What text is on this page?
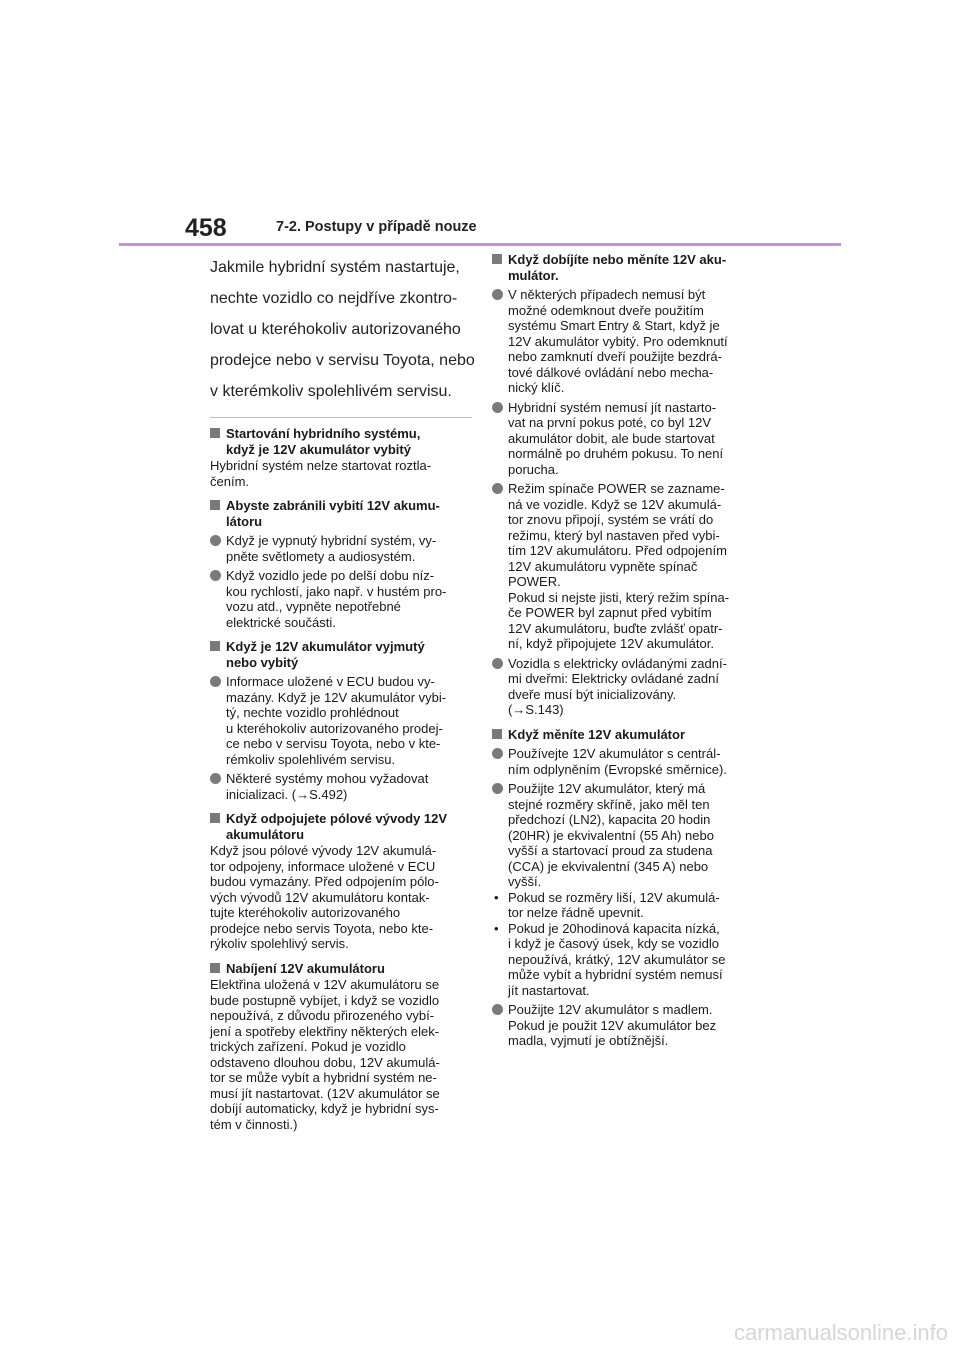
458	7-2. Postupy v případě nouze
Jakmile hybridní systém nastartuje,
nechte vozidlo co nejdříve zkontro-
lovat u kteréhokoliv autorizovaného
prodejce nebo v servisu Toyota, nebo
v kterémkoliv spolehlivém servisu.
Startování hybridního systému,
když je 12V akumulátor vybitý
Hybridní systém nelze startovat roztla-
čením.
Abyste zabránili vybití 12V akumu-
látoru
Když je vypnutý hybridní systém, vy-
pněte světlomety a audiosystém.
Když vozidlo jede po delší dobu níz-
kou rychlostí, jako např. v hustém pro-
vozu atd., vypněte nepotřebné
elektrické součásti.
Když je 12V akumulátor vyjmutý
nebo vybitý
Informace uložené v ECU budou vy-
mazány. Když je 12V akumulátor vybi-
tý, nechte vozidlo prohlédnout
u kteréhokoliv autorizovaného prodej-
ce nebo v servisu Toyota, nebo v kte-
rémkoliv spolehlivém servisu.
Některé systémy mohou vyžadovat
inicializaci. (→S.492)
Když odpojujete pólové vývody 12V
akumulátoru
Když jsou pólové vývody 12V akumulá-
tor odpojeny, informace uložené v ECU
budou vymazány. Před odpojením pólo-
vých vývodů 12V akumulátoru kontak-
tujte kteréhokoliv autorizovaného
prodejce nebo servis Toyota, nebo kte-
rýkoliv spolehlivý servis.
Nabíjení 12V akumulátoru
Elektřina uložená v 12V akumulátoru se
bude postupně vybíjet, i když se vozidlo
nepoužívá, z důvodu přirozeného vybí-
jení a spotřeby elektřiny některých elek-
trických zařízení. Pokud je vozidlo
odstaveno dlouhou dobu, 12V akumulá-
tor se může vybít a hybridní systém ne-
musí jít nastartovat. (12V akumulátor se
dobíjí automaticky, když je hybridní sys-
tém v činnosti.)
Když dobíjíte nebo měníte 12V aku-
mulátor.
V některých případech nemusí být
možné odemknout dveře použitím
systému Smart Entry & Start, když je
12V akumulátor vybitý. Pro odemknutí
nebo zamknutí dveří použijte bezdrá-
tové dálkové ovládání nebo mecha-
nický klíč.
Hybridní systém nemusí jít nastarto-
vat na první pokus poté, co byl 12V
akumulátor dobit, ale bude startovat
normálně po druhém pokusu. To není
porucha.
Režim spínače POWER se zazname-
ná ve vozidle. Když se 12V akumulá-
tor znovu připojí, systém se vrátí do
režimu, který byl nastaven před vybi-
tím 12V akumulátoru. Před odpojením
12V akumulátoru vypněte spínač
POWER.
Pokud si nejste jisti, který režim spína-
če POWER byl zapnut před vybitím
12V akumulátoru, buďte zvlášť opatr-
ní, když připojujete 12V akumulátor.
Vozidla s elektricky ovládanými zadní-
mi dveřmi: Elektricky ovládané zadní
dveře musí být inicializovány.
(→S.143)
Když měníte 12V akumulátor
Používejte 12V akumulátor s centrál-
ním odplyněním (Evropské směrnice).
Použijte 12V akumulátor, který má
stejné rozměry skříně, jako měl ten
předchozí (LN2), kapacita 20 hodin
(20HR) je ekvivalentní (55 Ah) nebo
vyšší a startovací proud za studena
(CCA) je ekvivalentní (345 A) nebo
vyšší.
• Pokud se rozměry liší, 12V akumulá-
tor nelze řádně upevnit.
• Pokud je 20hodinová kapacita nízká,
i když je časový úsek, kdy se vozidlo
nepoužívá, krátký, 12V akumulátor se
může vybít a hybridní systém nemusí
jít nastartovat.
Použijte 12V akumulátor s madlem.
Pokud je použit 12V akumulátor bez
madla, vyjmutí je obtížnější.
carmanualsonline.info
